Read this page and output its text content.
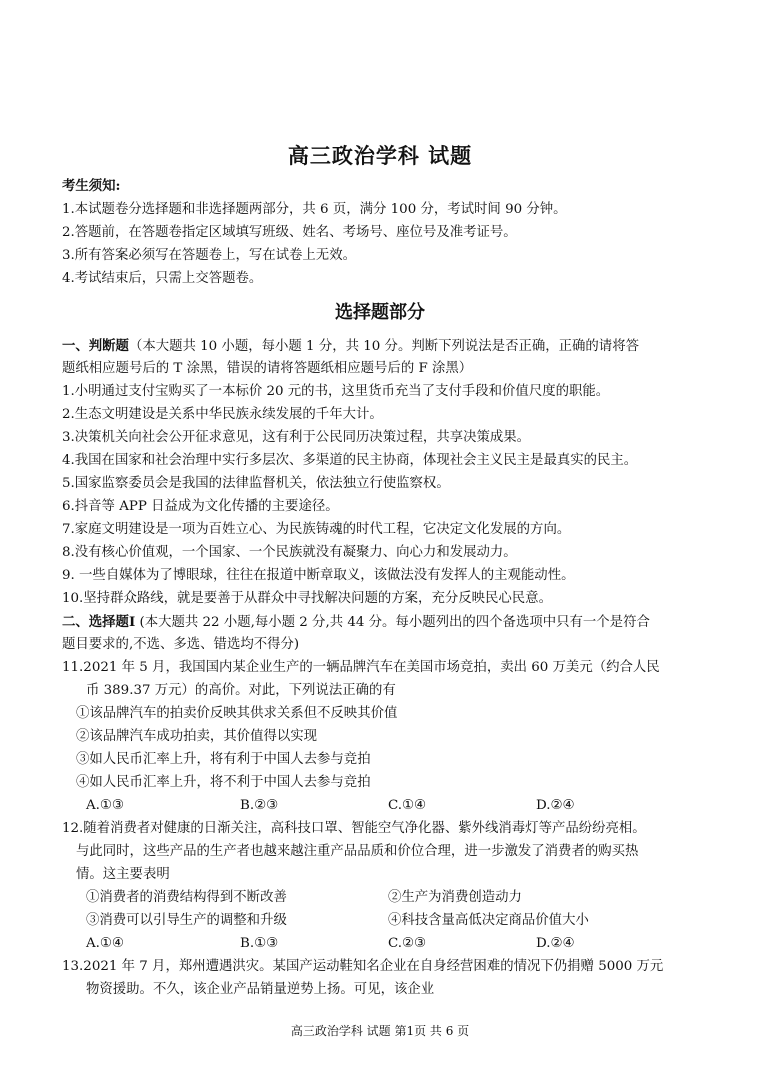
高三政治学科 试题
考生须知:
1.本试题卷分选择题和非选择题两部分，共 6 页，满分 100 分，考试时间 90 分钟。
2.答题前，在答题卷指定区域填写班级、姓名、考场号、座位号及准考证号。
3.所有答案必须写在答题卷上，写在试卷上无效。
4.考试结束后，只需上交答题卷。
选择题部分
一、判断题（本大题共 10 小题，每小题 1 分，共 10 分。判断下列说法是否正确，正确的请将答
题纸相应题号后的 T 涂黑，错误的请将答题纸相应题号后的 F 涂黑）
1.小明通过支付宝购买了一本标价 20 元的书，这里货币充当了支付手段和价值尺度的职能。
2.生态文明建设是关系中华民族永续发展的千年大计。
3.决策机关向社会公开征求意见，这有利于公民同历决策过程，共享决策成果。
4.我国在国家和社会治理中实行多层次、多渠道的民主协商，体现社会主义民主是最真实的民主。
5.国家监察委员会是我国的法律监督机关，依法独立行使监察权。
6.抖音等 APP 日益成为文化传播的主要途径。
7.家庭文明建设是一项为百姓立心、为民族铸魂的时代工程，它决定文化发展的方向。
8.没有核心价值观，一个国家、一个民族就没有凝聚力、向心力和发展动力。
9. 一些自媒体为了博眼球，往往在报道中断章取义，该做法没有发挥人的主观能动性。
10.坚持群众路线，就是要善于从群众中寻找解决问题的方案，充分反映民心民意。
二、选择题I (本大题共 22 小题,每小题 2 分,共 44 分。每小题列出的四个备选项中只有一个是符合
题目要求的,不选、多选、错选均不得分)
11.2021 年 5 月，我国国内某企业生产的一辆品牌汽车在美国市场竞拍，卖出 60 万美元（约合人民
币 389.37 万元）的高价。对此，下列说法正确的有
①该品牌汽车的拍卖价反映其供求关系但不反映其价值
②该品牌汽车成功拍卖，其价值得以实现
③如人民币汇率上升，将有利于中国人去参与竞拍
④如人民币汇率上升，将不利于中国人去参与竞拍
A.①③	B.②③	C.①④	D.②④
12.随着消费者对健康的日渐关注，高科技口罩、智能空气净化器、紫外线消毒灯等产品纷纷亮相。
与此同时，这些产品的生产者也越来越注重产品品质和价位合理，进一步激发了消费者的购买热
情。这主要表明
①消费者的消费结构得到不断改善	②生产为消费创造动力
③消费可以引导生产的调整和升级	④科技含量高低决定商品价值大小
A.①④	B.①③	C.②③	D.②④
13.2021 年 7 月，郑州遭遇洪灾。某国产运动鞋知名企业在自身经营困难的情况下仍捐赠 5000 万元
物资援助。不久，该企业产品销量逆势上扬。可见，该企业
高三政治学科 试题 第1页 共 6 页
